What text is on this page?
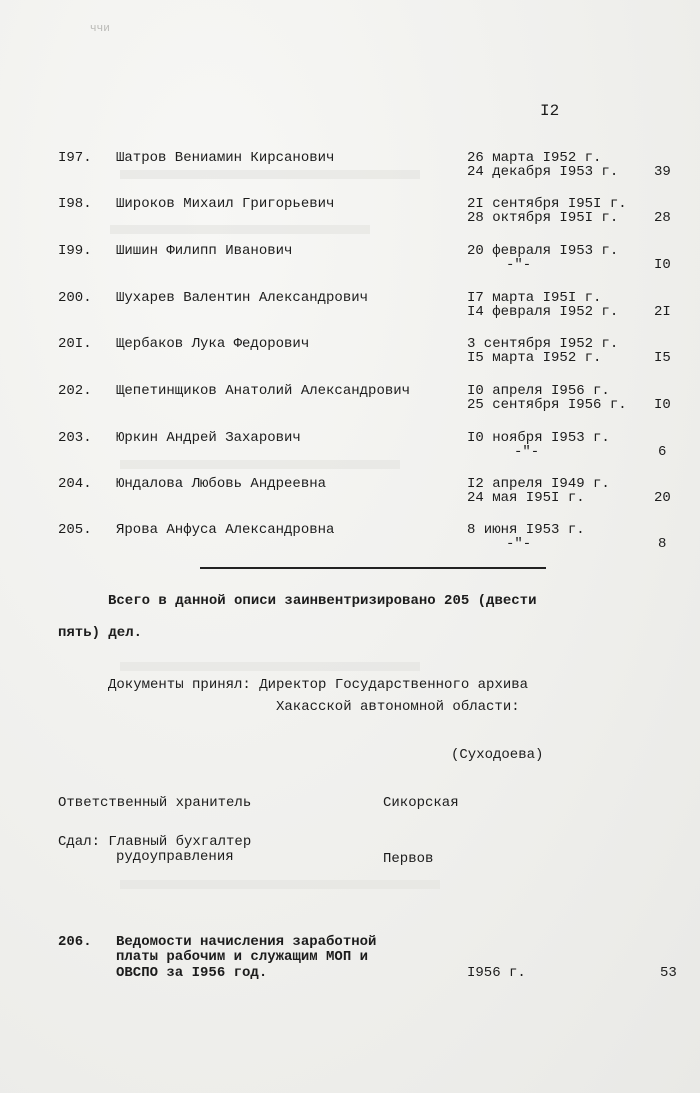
ччи
I2
I97. Шатров Вениамин Кирсанович	26 марта I952 г.
24 декабря I953 г.	39
I98. Широков Михаил Григорьевич	2I сентября I95I г.
28 октября I95I г.	28
I99. Шишин Филипп Иванович	20 февраля I953 г.
-"-	I0
200. Шухарев Валентин Александрович	I7 марта I95I г.
I4 февраля I952 г.	2I
20I. Щербаков Лука Федорович	3 сентября I952 г.
I5 марта I952 г.	I5
202. Щепетинщиков Анатолий Александрович	I0 апреля I956 г.
25 сентября I956 г. I0
203. Юркин Андрей Захарович	I0 ноября I953 г.
-"-	6
204. Юндалова Любовь Андреевна	I2 апреля I949 г.
24 мая I95I г.	20
205. Ярова Анфуса Александровна	8 июня I953 г.
-"-	8
Всего в данной описи заинвентризировано 205 (двести
пять) дел.
Документы принял: Директор Государственного архива
Хакасской автономной области:
(Суходоева)
Ответственный хранитель	Сикорская
Сдал: Главный бухгалтер
рудоуправления	Первов
206. Ведомости начисления заработной
платы рабочим и служащим МОП и
ОВСПО за I956 год.	I956 г.	53
